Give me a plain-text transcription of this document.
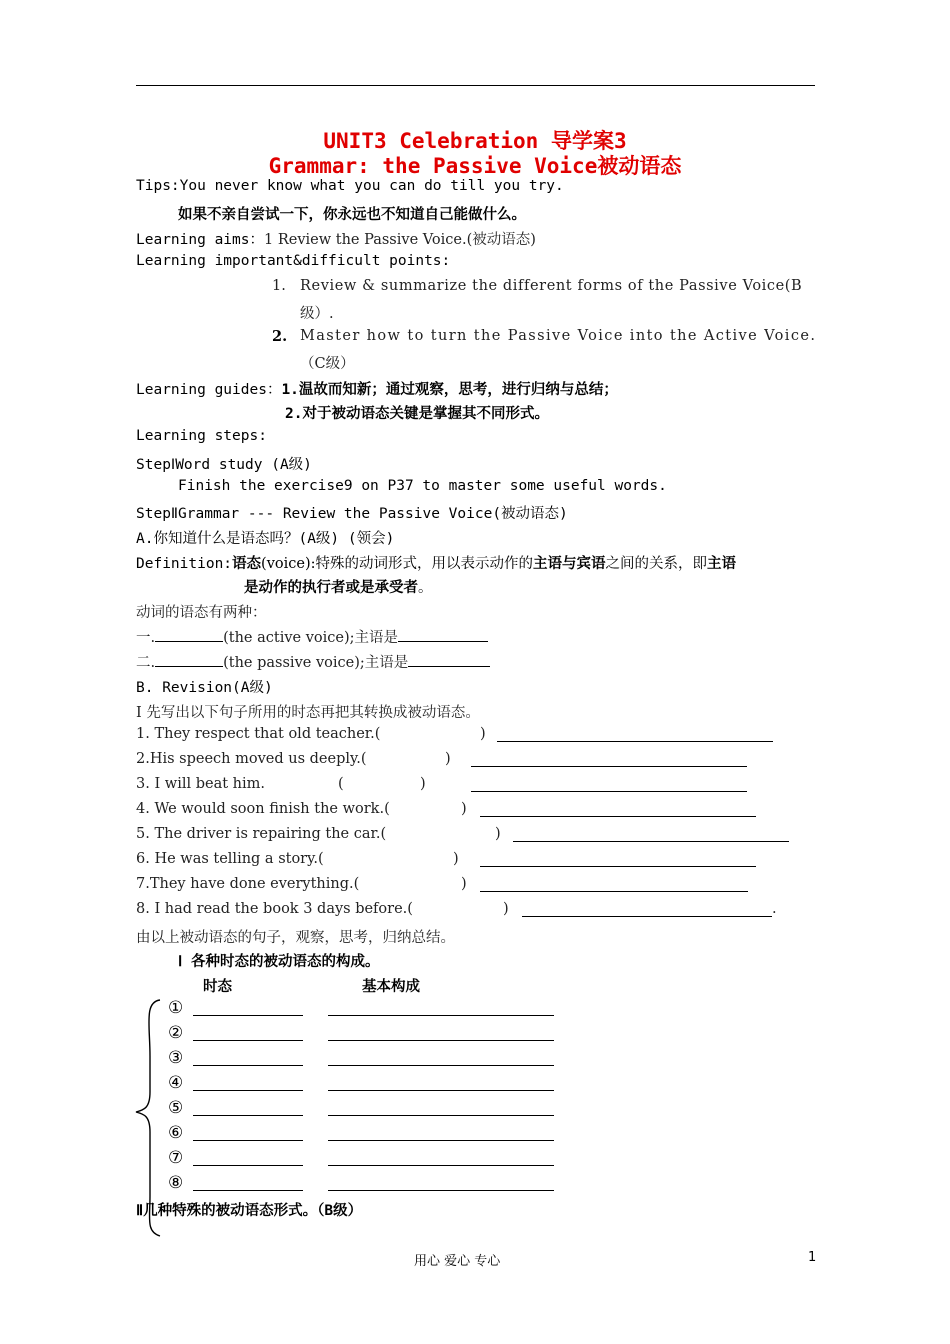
UNIT3 Celebration 导学案3
Grammar: the Passive Voice被动语态
Tips:You never know what you can do till you try.
如果不亲自尝试一下，你永远也不知道自己能做什么。
Learning aims：1 Review the Passive Voice.(被动语态)
Learning important&difficult points:
1. Review & summarize the different forms of the Passive Voice(B
级）.
2. Master how to turn the Passive Voice into the Active Voice.
（C级）
Learning guides：1.温故而知新；通过观察，思考，进行归纳与总结；
2.对于被动语态关键是掌握其不同形式。
Learning steps:
StepⅠWord study (A级)
Finish the exercise9 on P37 to master some useful words.
StepⅡGrammar --- Review the Passive Voice(被动语态)
A.你知道什么是语态吗？(A级) (领会)
Definition:语态(voice):特殊的动词形式，用以表示动作的主语与宾语之间的关系，即主语
是动作的执行者或是承受者。
动词的语态有两种：
一.	(the active voice);主语是
二.	(the passive voice);主语是
B. Revision(A级)
Ⅰ 先写出以下句子所用的时态再把其转换成被动语态。
1. They respect that old teacher.(	)
2.His speech moved us deeply.(	)
3. I will beat him.	(	)
4. We would soon finish the work.(	)
5. The driver is repairing the car.(	)
6. He was telling a story.(	)
7.They have done everything.(	)
8. I had read the book 3 days before.(	)	.
由以上被动语态的句子，观察，思考，归纳总结。
Ⅰ 各种时态的被动语态的构成。
时态	基本构成
①
②
③
④
⑤
⑥
⑦
⑧
Ⅱ几种特殊的被动语态形式。（B级）
用心 爱心 专心	1
